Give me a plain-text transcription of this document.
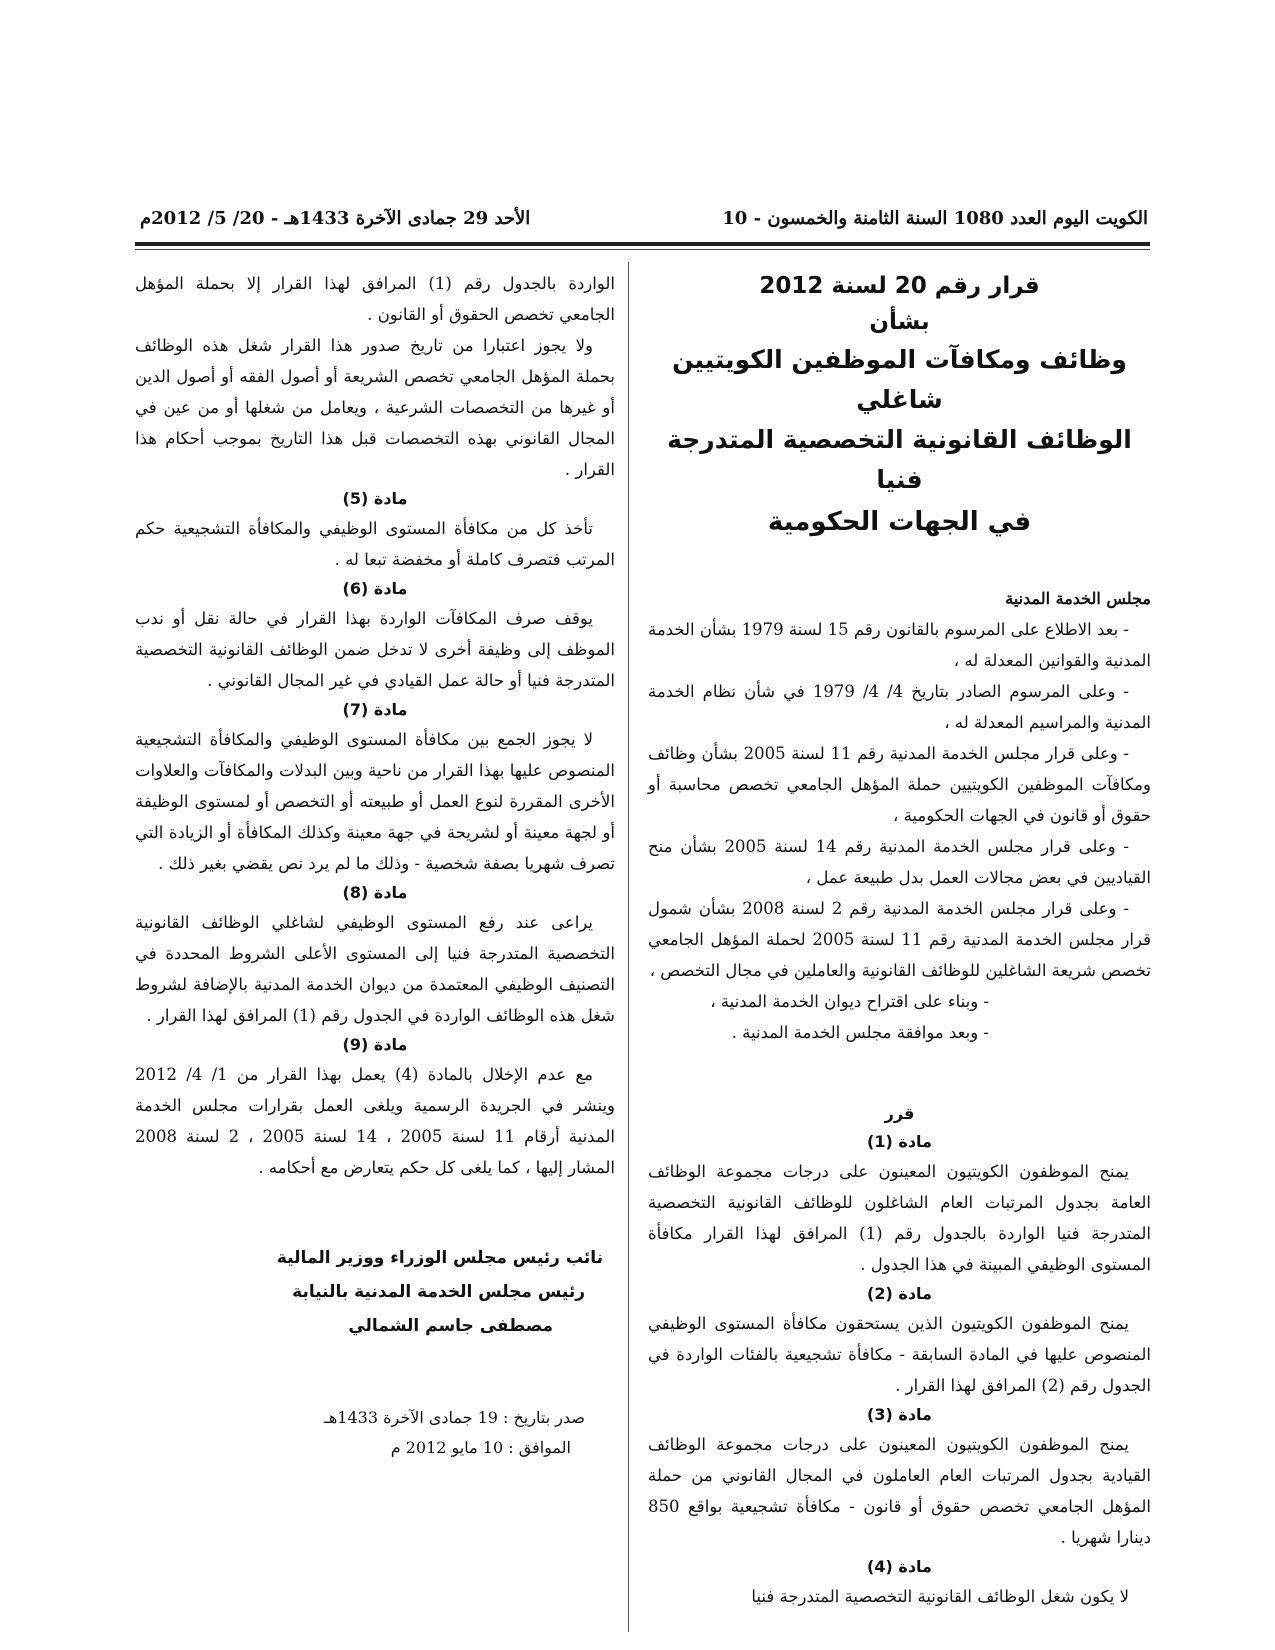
الكويت اليوم العدد 1080 السنة الثامنة والخمسون - 10
الأحد 29 جمادى الآخرة 1433هـ - 20/ 5/ 2012م
قرار رقم 20 لسنة 2012
بشأن
وظائف ومكافآت الموظفين الكويتيين شاغلي
الوظائف القانونية التخصصية المتدرجة فنيا
في الجهات الحكومية
مجلس الخدمة المدنية

- بعد الاطلاع على المرسوم بالقانون رقم 15 لسنة 1979 بشأن الخدمة المدنية والقوانين المعدلة له ،

- وعلى المرسوم الصادر بتاريخ 4/ 4/ 1979 في شأن نظام الخدمة المدنية والمراسيم المعدلة له ،

- وعلى قرار مجلس الخدمة المدنية رقم 11 لسنة 2005 بشأن وظائف ومكافآت الموظفين الكويتيين حملة المؤهل الجامعي تخصص محاسبة أو حقوق أو قانون في الجهات الحكومية ،

- وعلى قرار مجلس الخدمة المدنية رقم 14 لسنة 2005 بشأن منح القياديين في بعض مجالات العمل بدل طبيعة عمل ،

- وعلى قرار مجلس الخدمة المدنية رقم 2 لسنة 2008 بشأن شمول قرار مجلس الخدمة المدنية رقم 11 لسنة 2005 لحملة المؤهل الجامعي تخصص شريعة الشاغلين للوظائف القانونية والعاملين في مجال التخصص ،

- وبناء على اقتراح ديوان الخدمة المدنية ،

- وبعد موافقة مجلس الخدمة المدنية .

قرر
مادة (1)

يمنح الموظفون الكويتيون المعينون على درجات مجموعة الوظائف العامة بجدول المرتبات العام الشاغلون للوظائف القانونية التخصصية المتدرجة فنيا الواردة بالجدول رقم (1) المرافق لهذا القرار مكافأة المستوى الوظيفي المبينة في هذا الجدول .

مادة (2)

يمنح الموظفون الكويتيون الذين يستحقون مكافأة المستوى الوظيفي المنصوص عليها في المادة السابقة - مكافأة تشجيعية بالفئات الواردة في الجدول رقم (2) المرافق لهذا القرار .

مادة (3)

يمنح الموظفون الكويتيون المعينون على درجات مجموعة الوظائف القيادية بجدول المرتبات العام العاملون في المجال القانوني من حملة المؤهل الجامعي تخصص حقوق أو قانون - مكافأة تشجيعية بواقع 850 دينارا شهريا .

مادة (4)

لا يكون شغل الوظائف القانونية التخصصية المتدرجة فنيا

الواردة بالجدول رقم (1) المرافق لهذا القرار إلا بحملة المؤهل الجامعي تخصص الحقوق أو القانون .

ولا يجوز اعتبارا من تاريخ صدور هذا القرار شغل هذه الوظائف بحملة المؤهل الجامعي تخصص الشريعة أو أصول الفقه أو أصول الدين أو غيرها من التخصصات الشرعية ، ويعامل من شغلها أو من عين في المجال القانوني بهذه التخصصات قبل هذا التاريخ بموجب أحكام هذا القرار .

مادة (5)

تأخذ كل من مكافأة المستوى الوظيفي والمكافأة التشجيعية حكم المرتب فتصرف كاملة أو مخفضة تبعا له .

مادة (6)

يوقف صرف المكافآت الواردة بهذا القرار في حالة نقل أو ندب الموظف إلى وظيفة أخرى لا تدخل ضمن الوظائف القانونية التخصصية المتدرجة فنيا أو حالة عمل القيادي في غير المجال القانوني .

مادة (7)

لا يجوز الجمع بين مكافأة المستوى الوظيفي والمكافأة التشجيعية المنصوص عليها بهذا القرار من ناحية وبين البدلات والمكافآت والعلاوات الأخرى المقررة لنوع العمل أو طبيعته أو التخصص أو لمستوى الوظيفة أو لجهة معينة أو لشريحة في جهة معينة وكذلك المكافأة أو الزيادة التي تصرف شهريا بصفة شخصية - وذلك ما لم يرد نص يقضي بغير ذلك .

مادة (8)

يراعى عند رفع المستوى الوظيفي لشاغلي الوظائف القانونية التخصصية المتدرجة فنيا إلى المستوى الأعلى الشروط المحددة في التصنيف الوظيفي المعتمدة من ديوان الخدمة المدنية بالإضافة لشروط شغل هذه الوظائف الواردة في الجدول رقم (1) المرافق لهذا القرار .

مادة (9)

مع عدم الإخلال بالمادة (4) يعمل بهذا القرار من 1/ 4/ 2012 وينشر في الجريدة الرسمية ويلغى العمل بقرارات مجلس الخدمة المدنية أرقام 11 لسنة 2005 ، 14 لسنة 2005 ، 2 لسنة 2008 المشار إليها ، كما يلغى كل حكم يتعارض مع أحكامه .

نائب رئيس مجلس الوزراء ووزير المالية
رئيس مجلس الخدمة المدنية بالنيابة
مصطفى جاسم الشمالي
صدر بتاريخ : 19 جمادى الآخرة 1433هـ
الموافق : 10 مايو 2012 م
